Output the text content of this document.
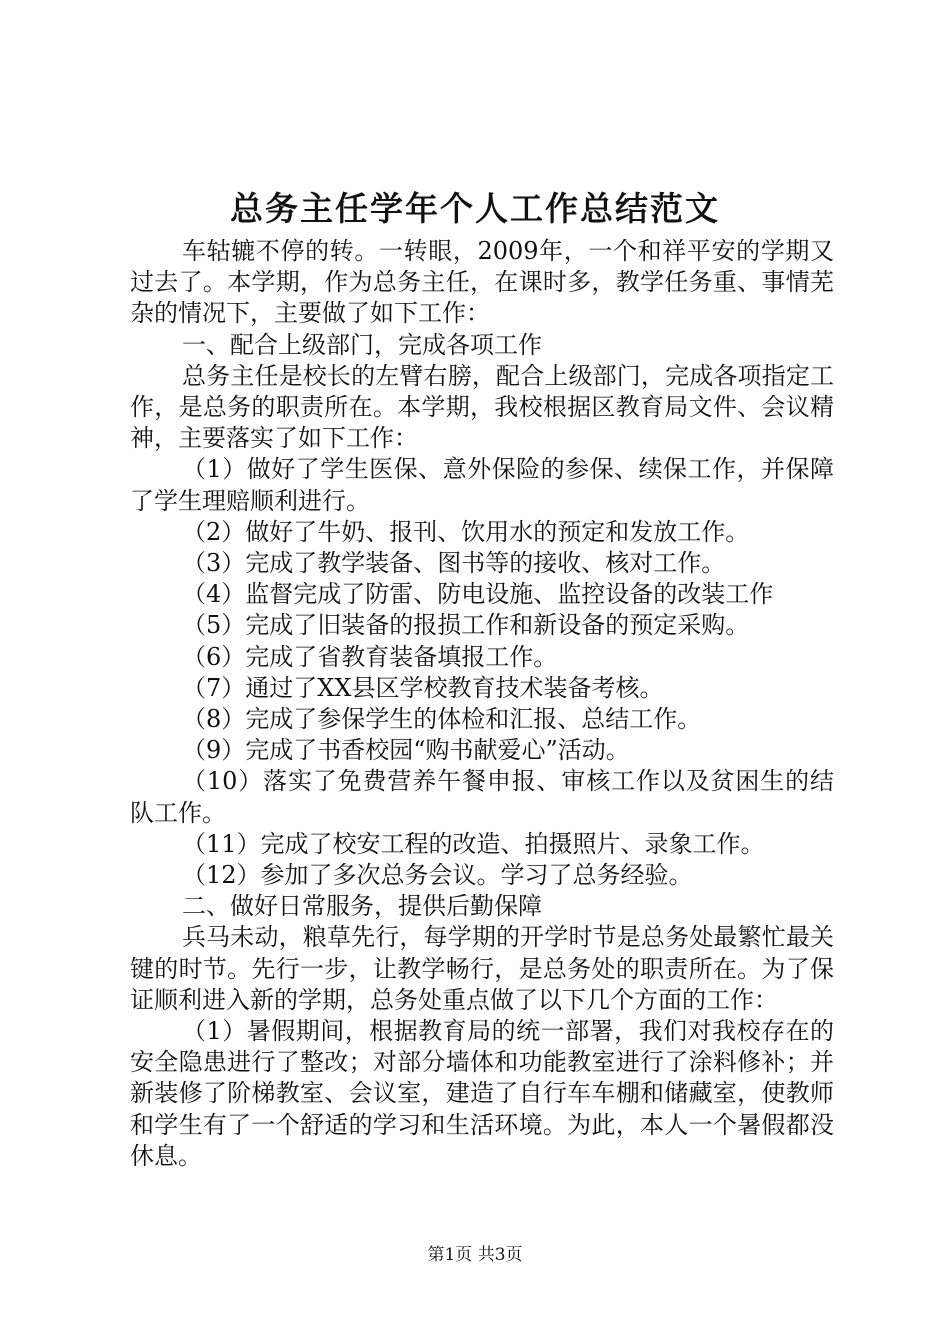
总务主任学年个人工作总结范文

车轱辘不停的转。一转眼，2009年，一个和祥平安的学期又过去了。本学期，作为总务主任，在课时多，教学任务重、事情芜杂的情况下，主要做了如下工作：

一、配合上级部门，完成各项工作

总务主任是校长的左臂右膀，配合上级部门，完成各项指定工作，是总务的职责所在。本学期，我校根据区教育局文件、会议精神，主要落实了如下工作：

（1）做好了学生医保、意外保险的参保、续保工作，并保障了学生理赔顺利进行。

（2）做好了牛奶、报刊、饮用水的预定和发放工作。

（3）完成了教学装备、图书等的接收、核对工作。

（4）监督完成了防雷、防电设施、监控设备的改装工作

（5）完成了旧装备的报损工作和新设备的预定采购。

（6）完成了省教育装备填报工作。

（7）通过了XX县区学校教育技术装备考核。

（8）完成了参保学生的体检和汇报、总结工作。

（9）完成了书香校园“购书献爱心”活动。

（10）落实了免费营养午餐申报、审核工作以及贫困生的结队工作。

（11）完成了校安工程的改造、拍摄照片、录象工作。

（12）参加了多次总务会议。学习了总务经验。

二、做好日常服务，提供后勤保障

兵马未动，粮草先行，每学期的开学时节是总务处最繁忙最关键的时节。先行一步，让教学畅行，是总务处的职责所在。为了保证顺利进入新的学期，总务处重点做了以下几个方面的工作：

（1）暑假期间，根据教育局的统一部署，我们对我校存在的安全隐患进行了整改；对部分墙体和功能教室进行了涂料修补；并新装修了阶梯教室、会议室，建造了自行车车棚和储藏室，使教师和学生有了一个舒适的学习和生活环境。为此，本人一个暑假都没休息。

第1页 共3页
